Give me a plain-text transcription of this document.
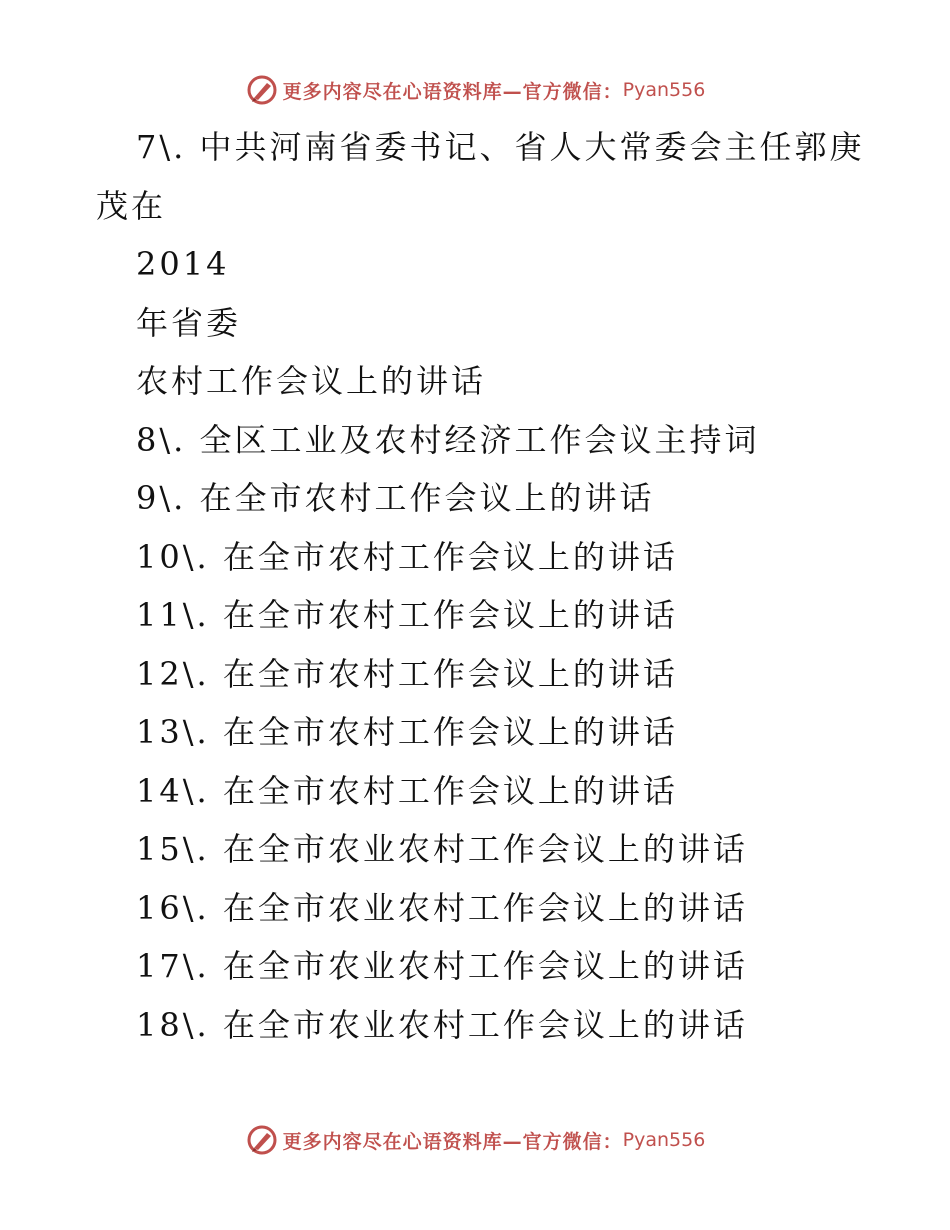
更多内容尽在心语资料库—官方微信： Pyan556
7\. 中共河南省委书记、省人大常委会主任郭庚
茂在
2014
年省委
农村工作会议上的讲话
8\. 全区工业及农村经济工作会议主持词
9\. 在全市农村工作会议上的讲话
10\. 在全市农村工作会议上的讲话
11\. 在全市农村工作会议上的讲话
12\. 在全市农村工作会议上的讲话
13\. 在全市农村工作会议上的讲话
14\. 在全市农村工作会议上的讲话
15\. 在全市农业农村工作会议上的讲话
16\. 在全市农业农村工作会议上的讲话
17\. 在全市农业农村工作会议上的讲话
18\. 在全市农业农村工作会议上的讲话
更多内容尽在心语资料库—官方微信： Pyan556
